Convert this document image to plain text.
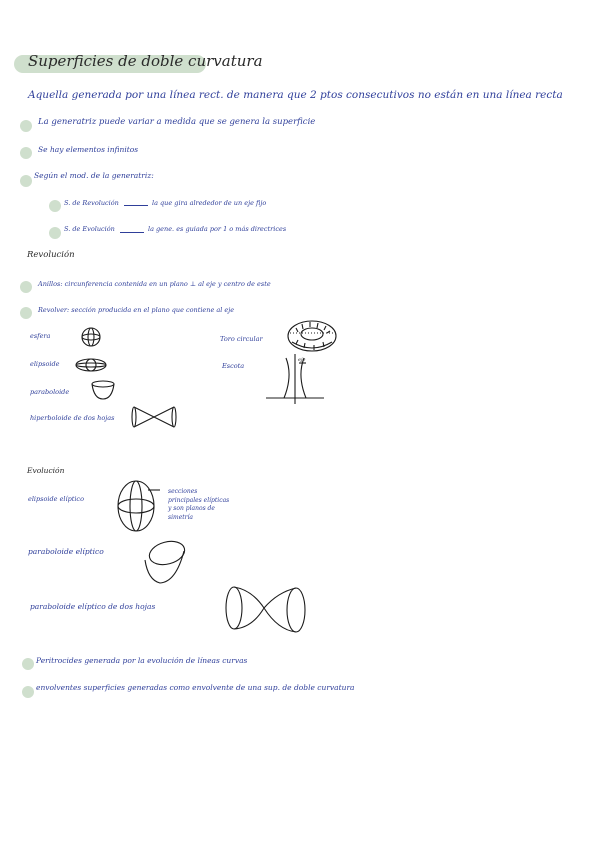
Superficies de doble curvatura
Aquella generada por una línea rect. de manera que 2 ptos consecutivos no están en una línea recta
La generatriz puede variar a medida que se genera la superficie
Se hay elementos infinitos
Según el mod. de la generatriz:
S. de Revolución	la que gira alrededor de un eje fijo
S. de Evolución	la gene. es guiada por 1 o más directrices
Revolución
Anillos: circunferencia contenida en un plano ⊥ al eje y centro de este
Revolver: sección producida en el plano que contiene al eje
esfera
elipsoide
paraboloide
hiperboloide de dos hojas
Toro circular
Escota
eje
Evolución
elipsoide elíptico
secciones
principales elípticas
y son planos de
simetría
paraboloide elíptico
paraboloide elíptico de dos hojas
Peritrocides generada por la evolución de líneas curvas
envolventes superficies generadas como envolvente de una sup. de doble curvatura
